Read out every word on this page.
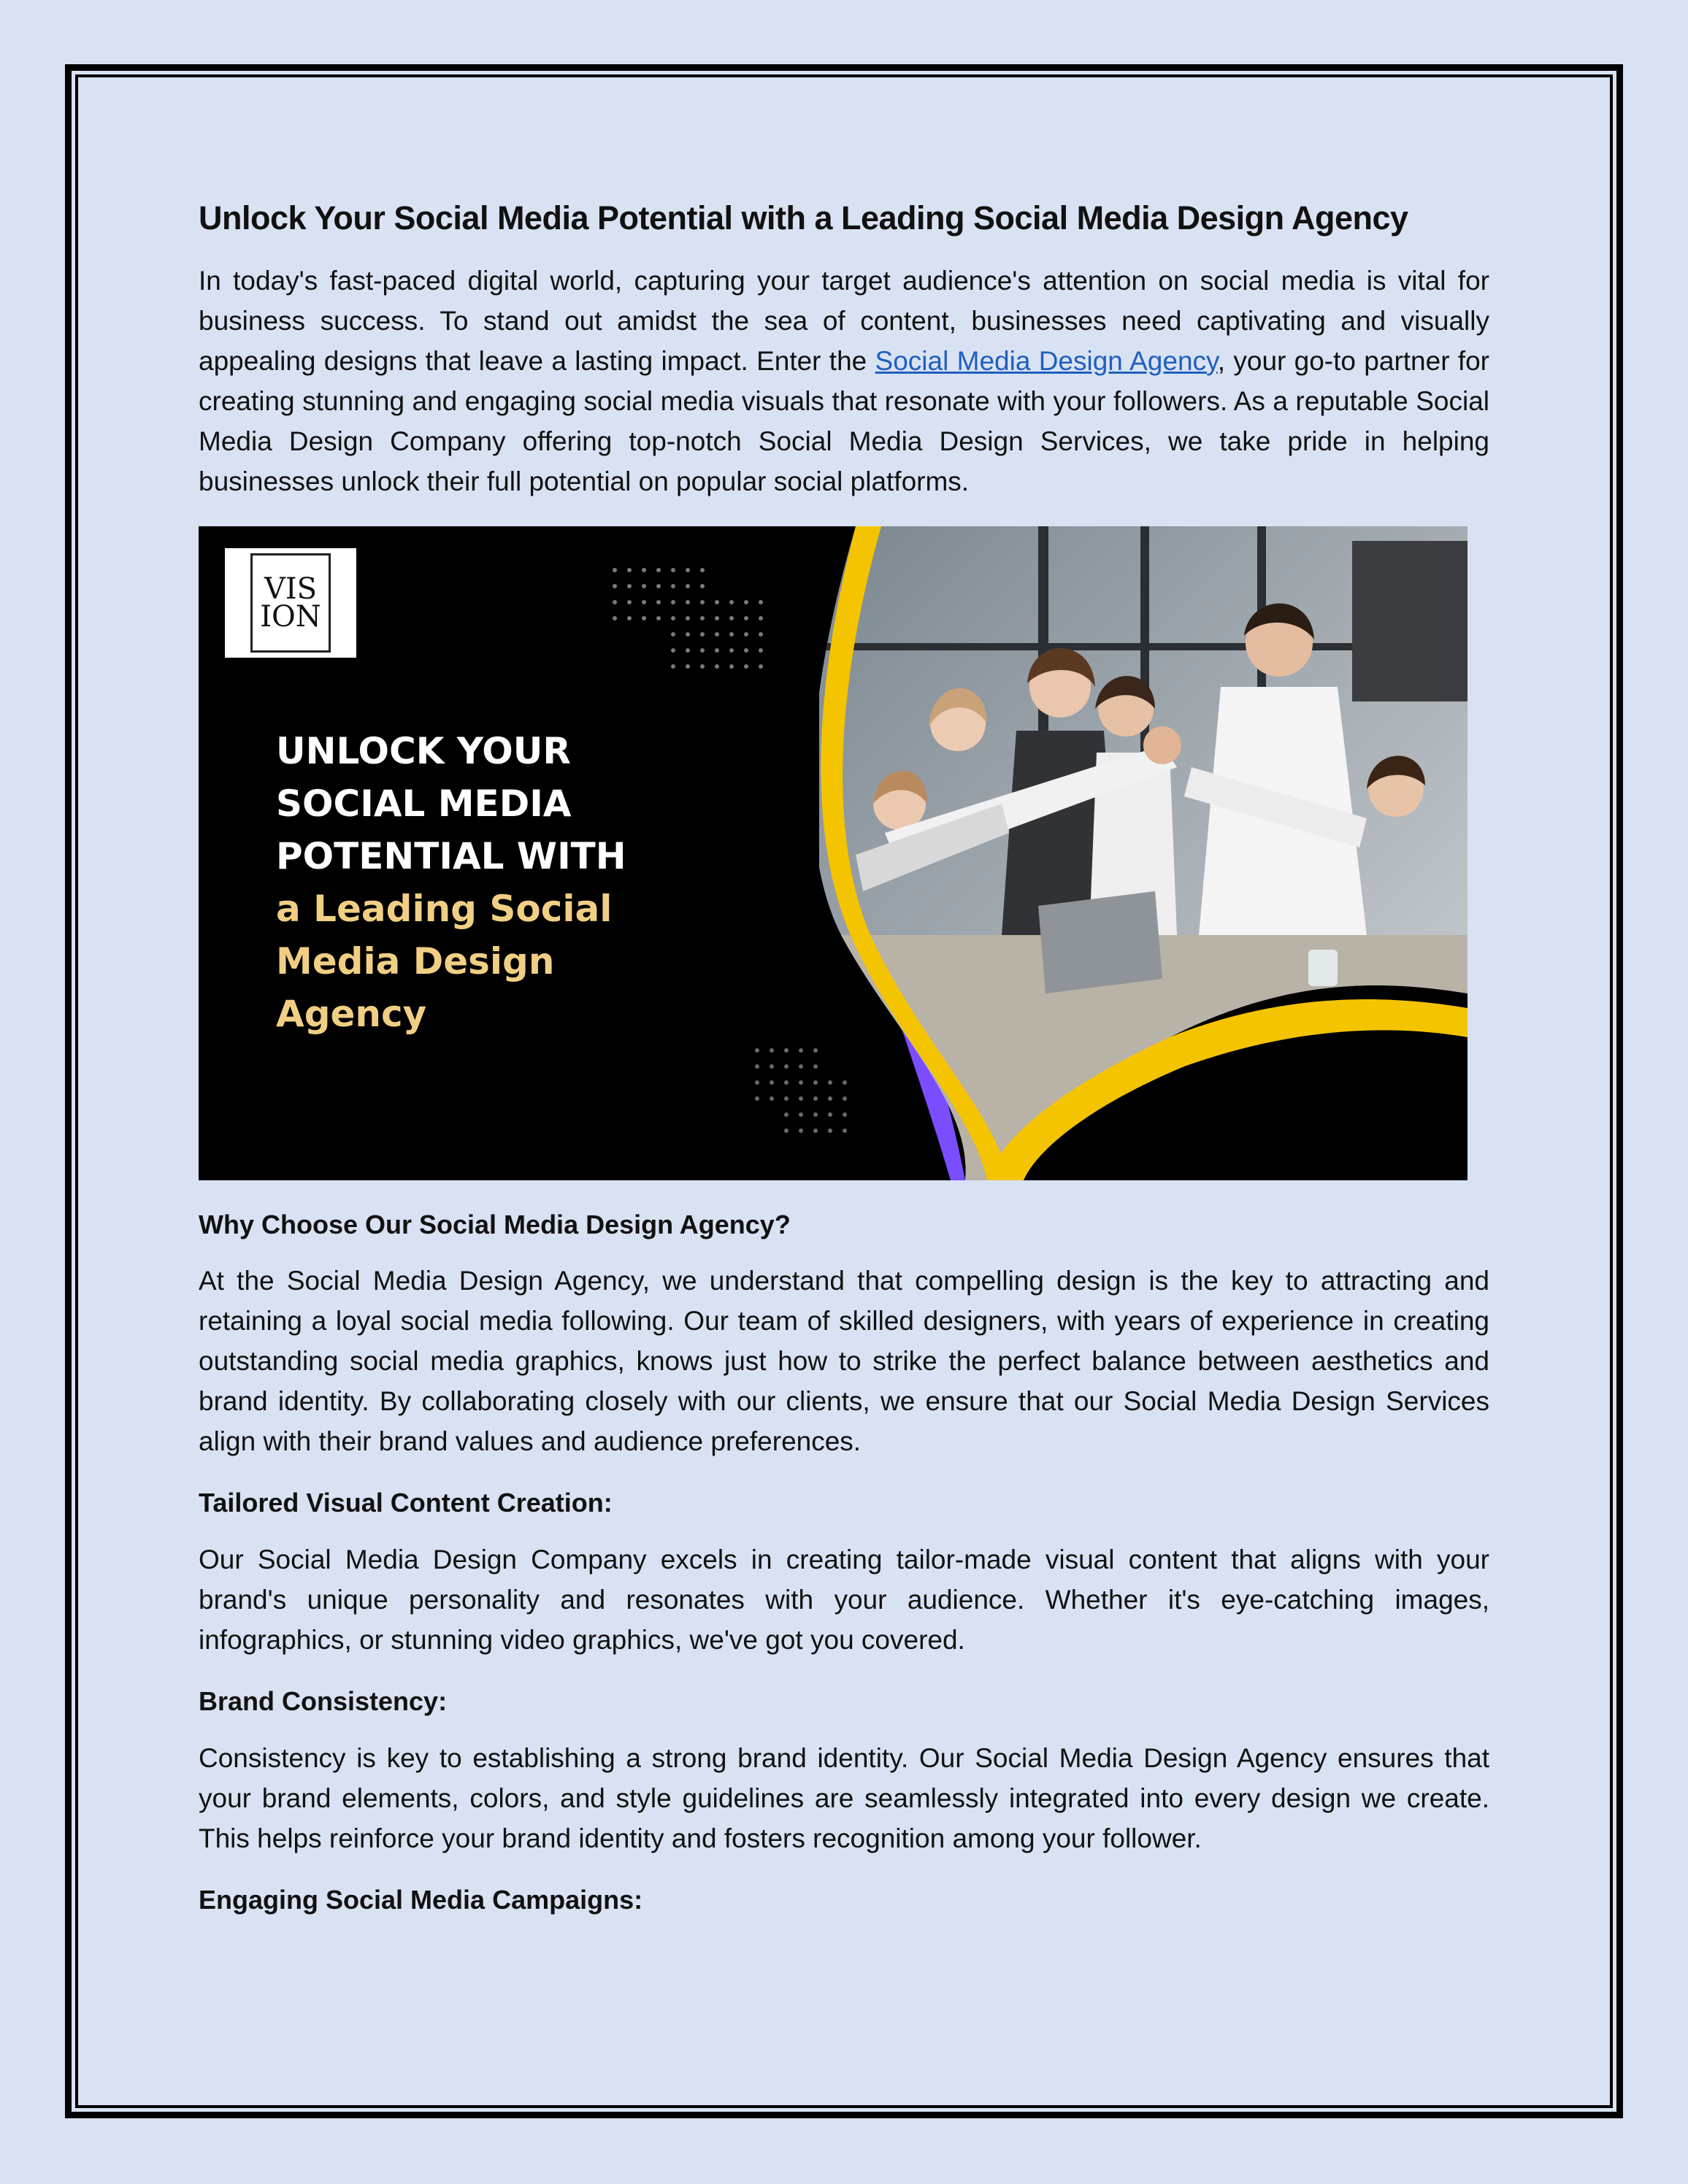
Unlock Your Social Media Potential with a Leading Social Media Design Agency

In today's fast-paced digital world, capturing your target audience's attention on social media is vital for business success. To stand out amidst the sea of content, businesses need captivating and visually appealing designs that leave a lasting impact. Enter the Social Media Design Agency, your go-to partner for creating stunning and engaging social media visuals that resonate with your followers. As a reputable Social Media Design Company offering top-notch Social Media Design Services, we take pride in helping businesses unlock their full potential on popular social platforms.

VIS
ION
UNLOCK YOUR
SOCIAL MEDIA
POTENTIAL WITH
a Leading Social
Media Design
Agency
Why Choose Our Social Media Design Agency?

At the Social Media Design Agency, we understand that compelling design is the key to attracting and retaining a loyal social media following. Our team of skilled designers, with years of experience in creating outstanding social media graphics, knows just how to strike the perfect balance between aesthetics and brand identity. By collaborating closely with our clients, we ensure that our Social Media Design Services align with their brand values and audience preferences.

Tailored Visual Content Creation:

Our Social Media Design Company excels in creating tailor-made visual content that aligns with your brand's unique personality and resonates with your audience. Whether it's eye-catching images, infographics, or stunning video graphics, we've got you covered.

Brand Consistency:

Consistency is key to establishing a strong brand identity. Our Social Media Design Agency ensures that your brand elements, colors, and style guidelines are seamlessly integrated into every design we create. This helps reinforce your brand identity and fosters recognition among your follower.

Engaging Social Media Campaigns:
